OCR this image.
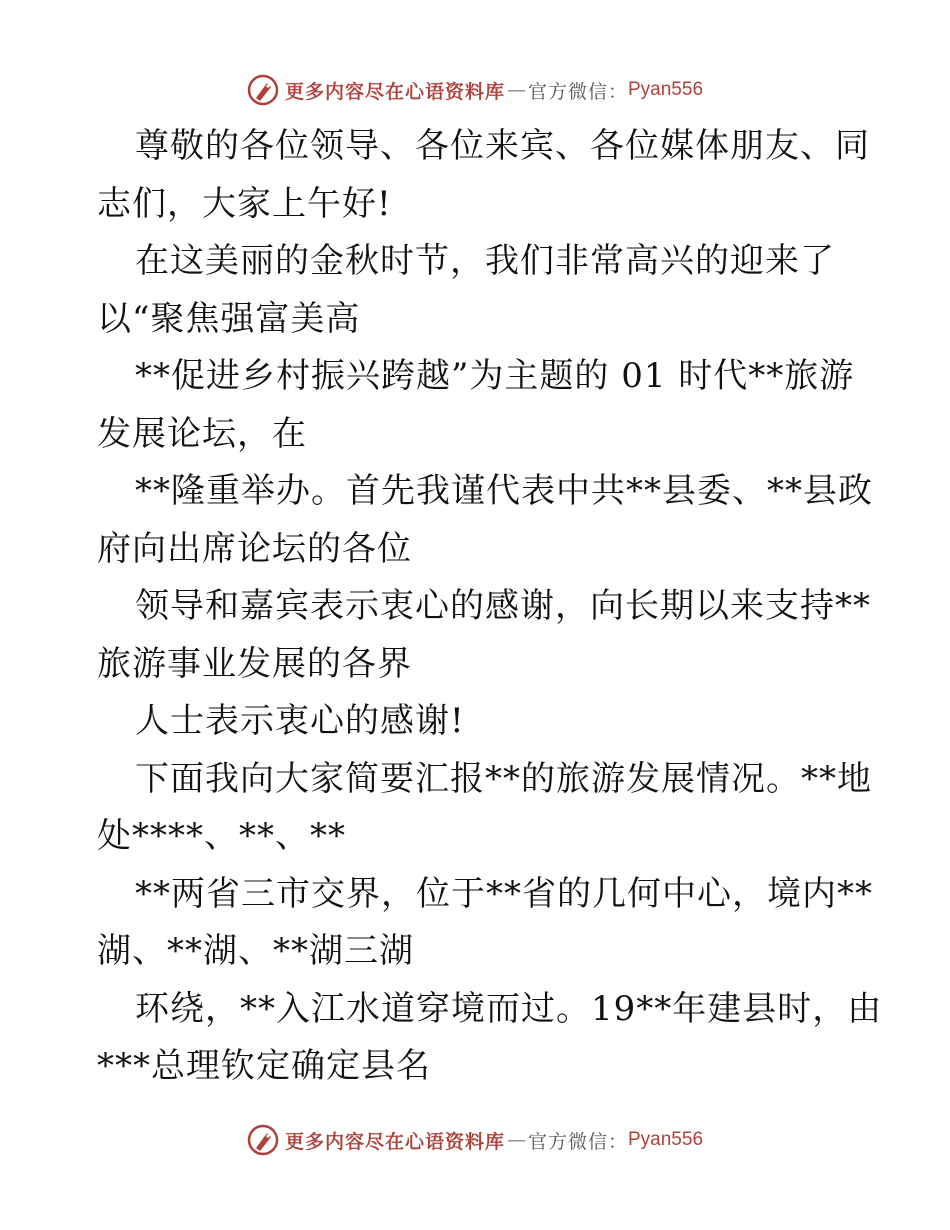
更多内容尽在心语资料库 — 官方微信： Pyan556
尊敬的各位领导、各位来宾、各位媒体朋友、同
志们，大家上午好!
在这美丽的金秋时节，我们非常高兴的迎来了
以“聚焦强富美高
**促进乡村振兴跨越”为主题的 01 时代**旅游
发展论坛，在
**隆重举办。首先我谨代表中共**县委、**县政
府向出席论坛的各位
领导和嘉宾表示衷心的感谢，向长期以来支持**
旅游事业发展的各界
人士表示衷心的感谢!
下面我向大家简要汇报**的旅游发展情况。**地
处****、**、**
**两省三市交界，位于**省的几何中心，境内**
湖、**湖、**湖三湖
环绕，**入江水道穿境而过。19**年建县时，由
***总理钦定确定县名
更多内容尽在心语资料库 — 官方微信： Pyan556
